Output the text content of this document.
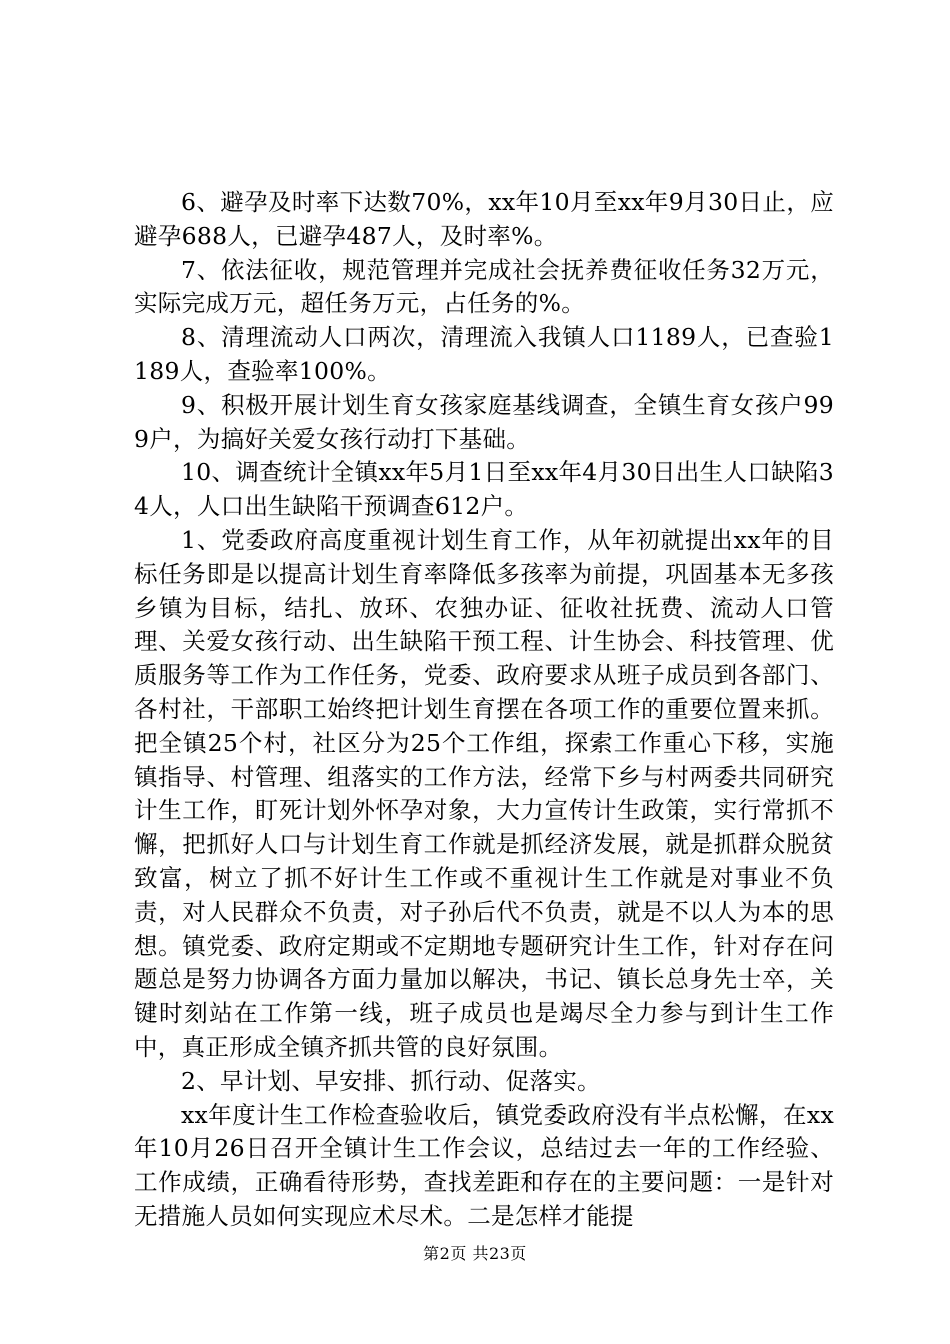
6、避孕及时率下达数70%，xx年10月至xx年9月30日止，应避孕688人，已避孕487人，及时率%。

7、依法征收，规范管理并完成社会抚养费征收任务32万元，实际完成万元，超任务万元，占任务的%。

8、清理流动人口两次，清理流入我镇人口1189人，已查验1189人，查验率100%。

9、积极开展计划生育女孩家庭基线调查，全镇生育女孩户999户，为搞好关爱女孩行动打下基础。

10、调查统计全镇xx年5月1日至xx年4月30日出生人口缺陷34人，人口出生缺陷干预调查612户。

1、党委政府高度重视计划生育工作，从年初就提出xx年的目标任务即是以提高计划生育率降低多孩率为前提，巩固基本无多孩乡镇为目标，结扎、放环、农独办证、征收社抚费、流动人口管理、关爱女孩行动、出生缺陷干预工程、计生协会、科技管理、优质服务等工作为工作任务，党委、政府要求从班子成员到各部门、各村社，干部职工始终把计划生育摆在各项工作的重要位置来抓。把全镇25个村，社区分为25个工作组，探索工作重心下移，实施镇指导、村管理、组落实的工作方法，经常下乡与村两委共同研究计生工作，盯死计划外怀孕对象，大力宣传计生政策，实行常抓不懈，把抓好人口与计划生育工作就是抓经济发展，就是抓群众脱贫致富，树立了抓不好计生工作或不重视计生工作就是对事业不负责，对人民群众不负责，对子孙后代不负责，就是不以人为本的思想。镇党委、政府定期或不定期地专题研究计生工作，针对存在问题总是努力协调各方面力量加以解决，书记、镇长总身先士卒，关键时刻站在工作第一线，班子成员也是竭尽全力参与到计生工作中，真正形成全镇齐抓共管的良好氛围。

2、早计划、早安排、抓行动、促落实。

xx年度计生工作检查验收后，镇党委政府没有半点松懈，在xx年10月26日召开全镇计生工作会议，总结过去一年的工作经验、工作成绩，正确看待形势，查找差距和存在的主要问题：一是针对无措施人员如何实现应术尽术。二是怎样才能提

第2页 共23页
